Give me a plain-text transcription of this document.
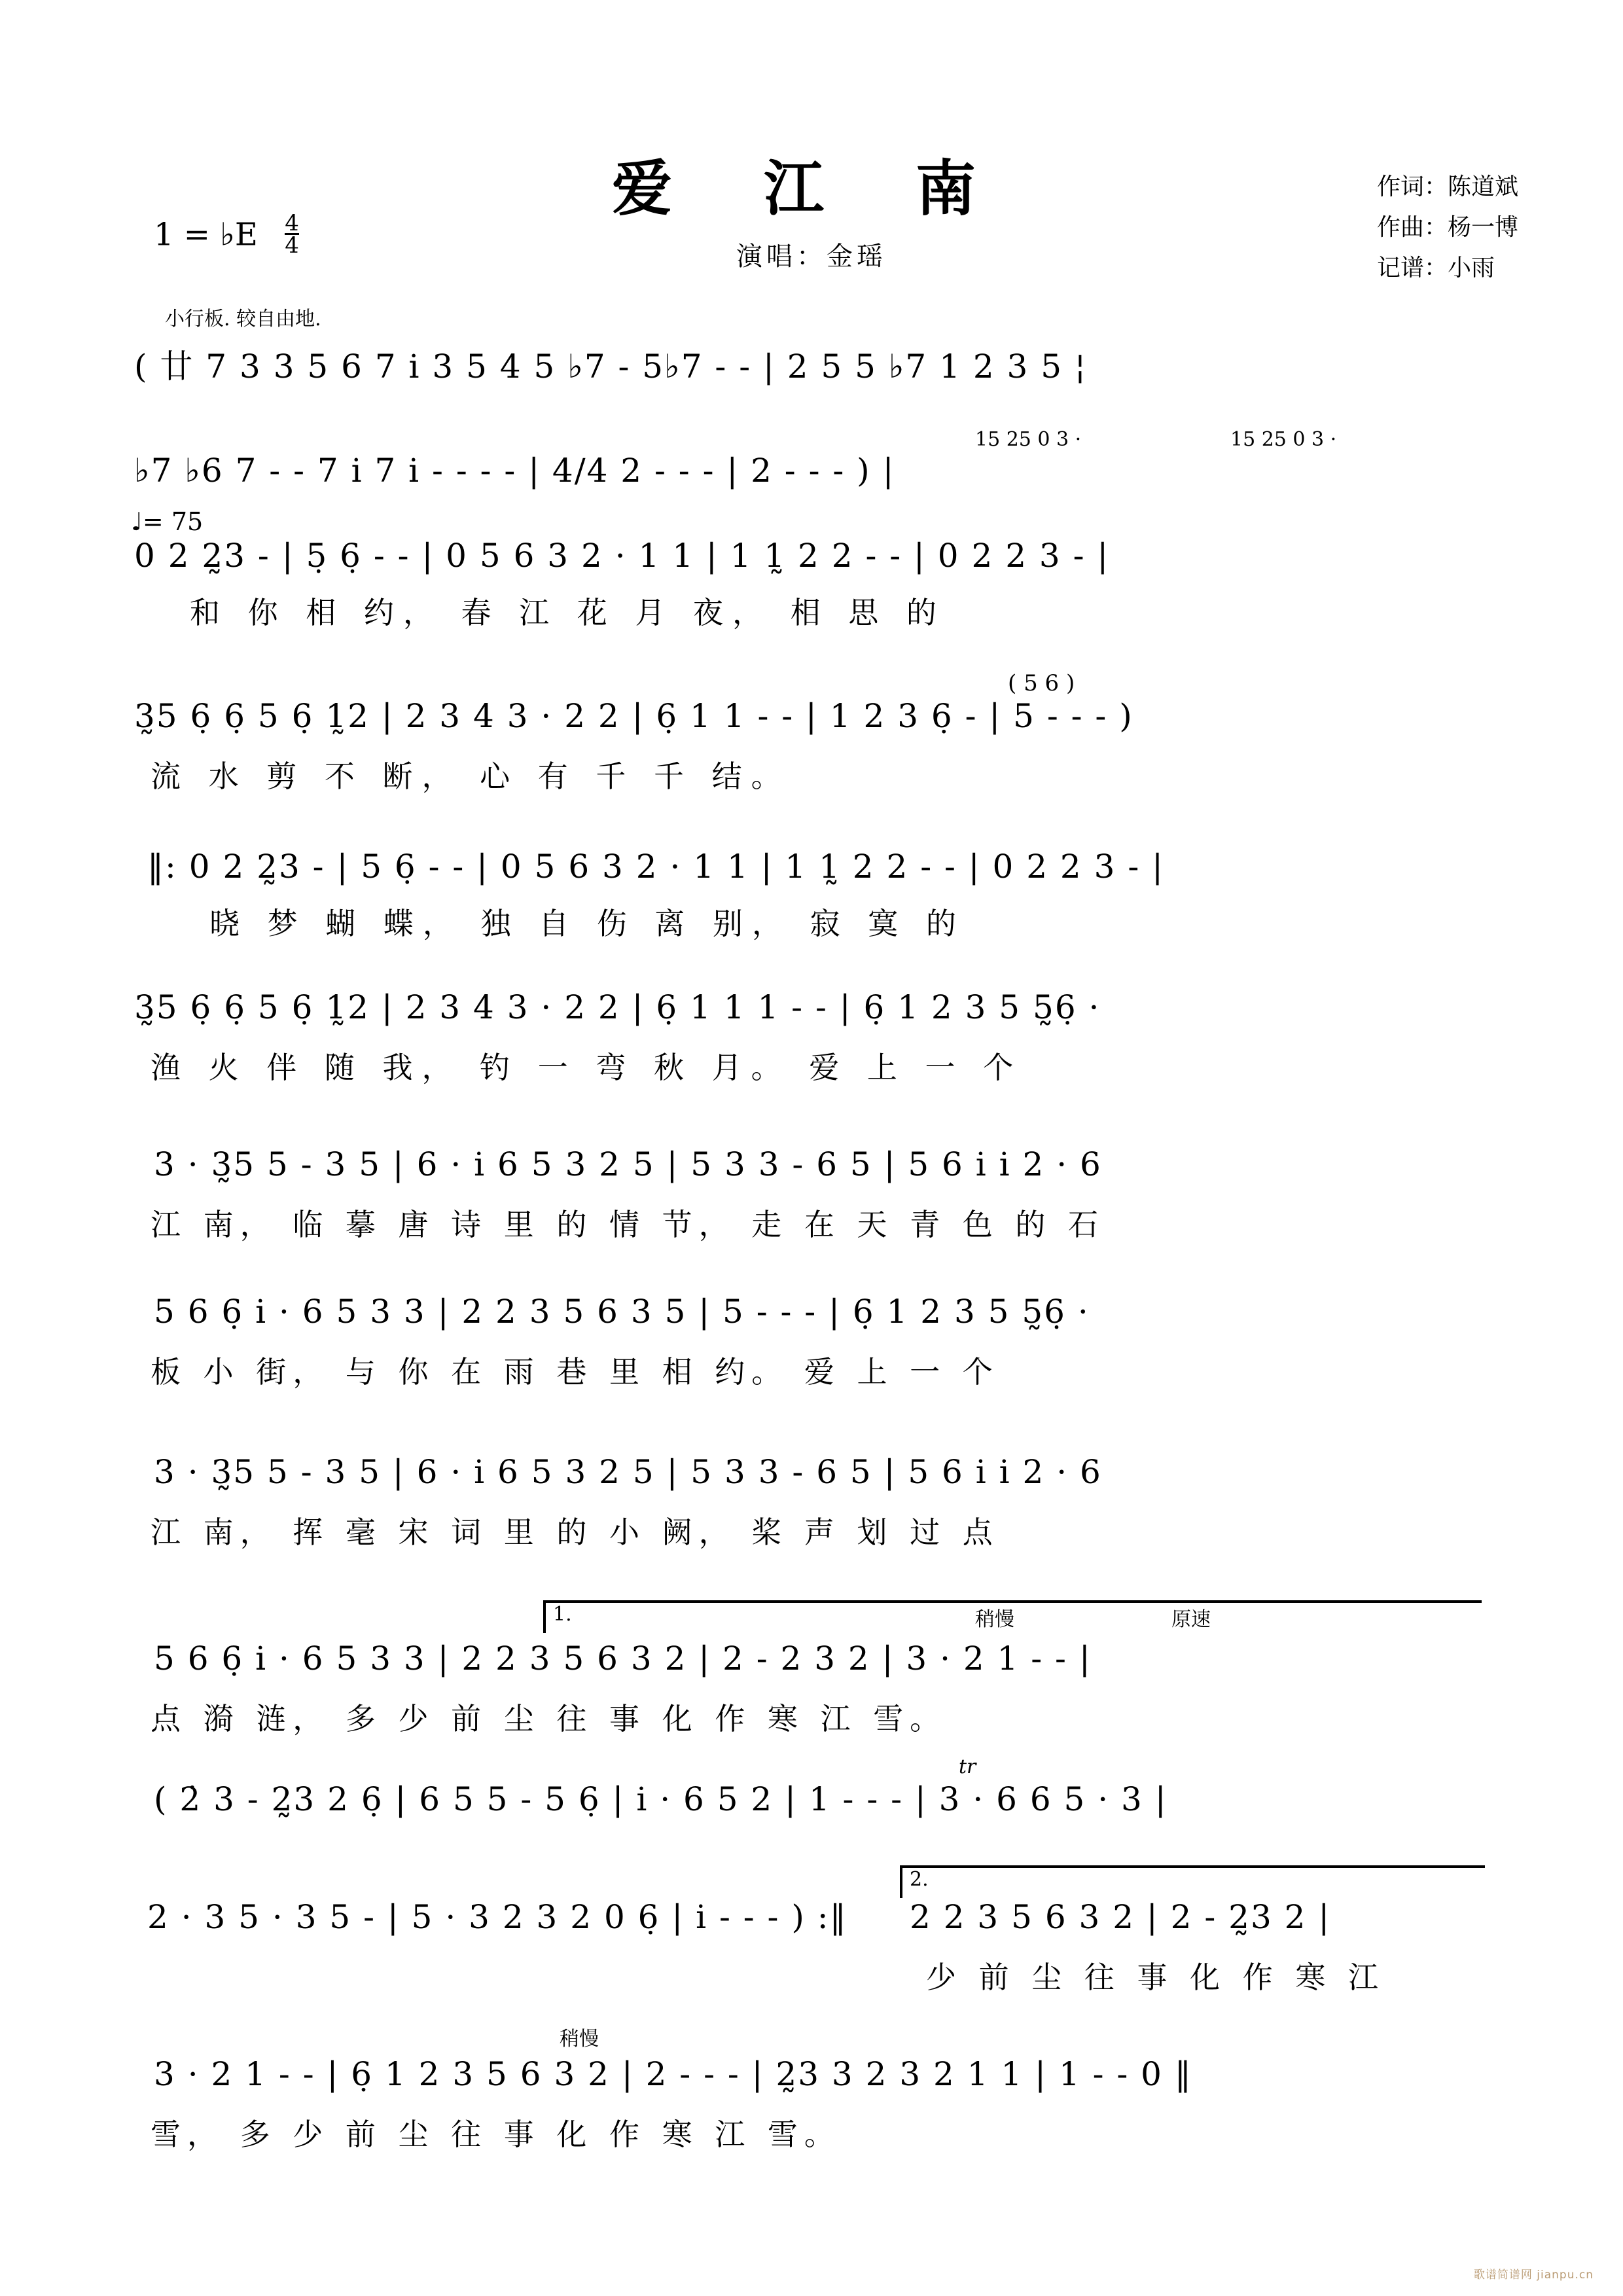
爱 江 南
演唱：金瑶
作词：陈道斌
作曲：杨一博
记谱：小雨
1 = ♭E $\frac{4}{4}$
小行板. 较自由地.
♩= 75
( 廿 7 3 3 5 6 7 i 3 5 4 5 ♭7 - 5♭7 - - | 2 5 5 ♭7 1 2 3 5 ¦
15 25 0 3 ·	15 25 0 3 ·
♭7 ♭6 7 - - 7 i 7 i - - - - | 4/4 2 - - - | 2 - - - ) |
0 2 2̰3 - | 5̣ 6̣ - - | 0 5 6 3 2 · 1 1 | 1 1̰ 2 2 - - | 0 2 2 3 - |
和 你 相 约， 春 江 花 月 夜， 相 思 的
( 5 6 )
3̰5 6̣ 6̣ 5 6̣ 1̰2 | 2 3 4 3 · 2 2 | 6̣ 1 1 - - | 1 2 3 6̣ - | 5 - - - )
流 水 剪 不 断， 心 有 千 千 结。
‖: 0 2 2̰3 - | 5 6̣ - - | 0 5 6 3 2 · 1 1 | 1 1̰ 2 2 - - | 0 2 2 3 - |
晓 梦 蝴 蝶， 独 自 伤 离 别， 寂 寞 的
3̰5 6̣ 6̣ 5 6̣ 1̰2 | 2 3 4 3 · 2 2 | 6̣ 1 1 1 - - | 6̣ 1 2 3 5 5̰6̣ ·
渔 火 伴 随 我， 钓 一 弯 秋 月。 爱 上 一 个
3 · 3̰5 5 - 3 5 | 6 · i 6 5 3 2 5 | 5 3 3 - 6 5 | 5 6 i i 2 · 6
江 南， 临 摹 唐 诗 里 的 情 节， 走 在 天 青 色 的 石
5 6 6̣ i · 6 5 3 3 | 2 2 3 5 6 3 5 | 5 - - - | 6̣ 1 2 3 5 5̰6̣ ·
板 小 街， 与 你 在 雨 巷 里 相 约。 爱 上 一 个
3 · 3̰5 5 - 3 5 | 6 · i 6 5 3 2 5 | 5 3 3 - 6 5 | 5 6 i i 2 · 6
江 南， 挥 毫 宋 词 里 的 小 阙， 桨 声 划 过 点
1.	稍慢	原速
5 6 6̣ i · 6 5 3 3 | 2 2 3 5 6 3 2 | 2 - 2 3 2 | 3 · 2 1 - - |
点 漪 涟， 多 少 前 尘 往 事 化 作 寒 江 雪。
tr
( 2̇ 3 - 2̰3 2 6̣ | 6 5 5 - 5 6̣ | i · 6 5 2 | 1 - - - | 3 · 6 6 5 · 3 |
2.
2 · 3 5 · 3 5 - | 5 · 3 2 3 2 0 6̣ | i - - - ) :‖ 2 2 3 5 6 3 2 | 2 - 2̰3 2 |
少 前 尘 往 事 化 作 寒 江
稍慢
3 · 2 1 - - | 6̣ 1 2 3 5 6 3 2 | 2 - - - | 2̰3 3 2 3 2 1 1 | 1 - - 0 ‖
雪， 多 少 前 尘 往 事 化 作 寒 江 雪。
歌谱简谱网 jianpu.cn
